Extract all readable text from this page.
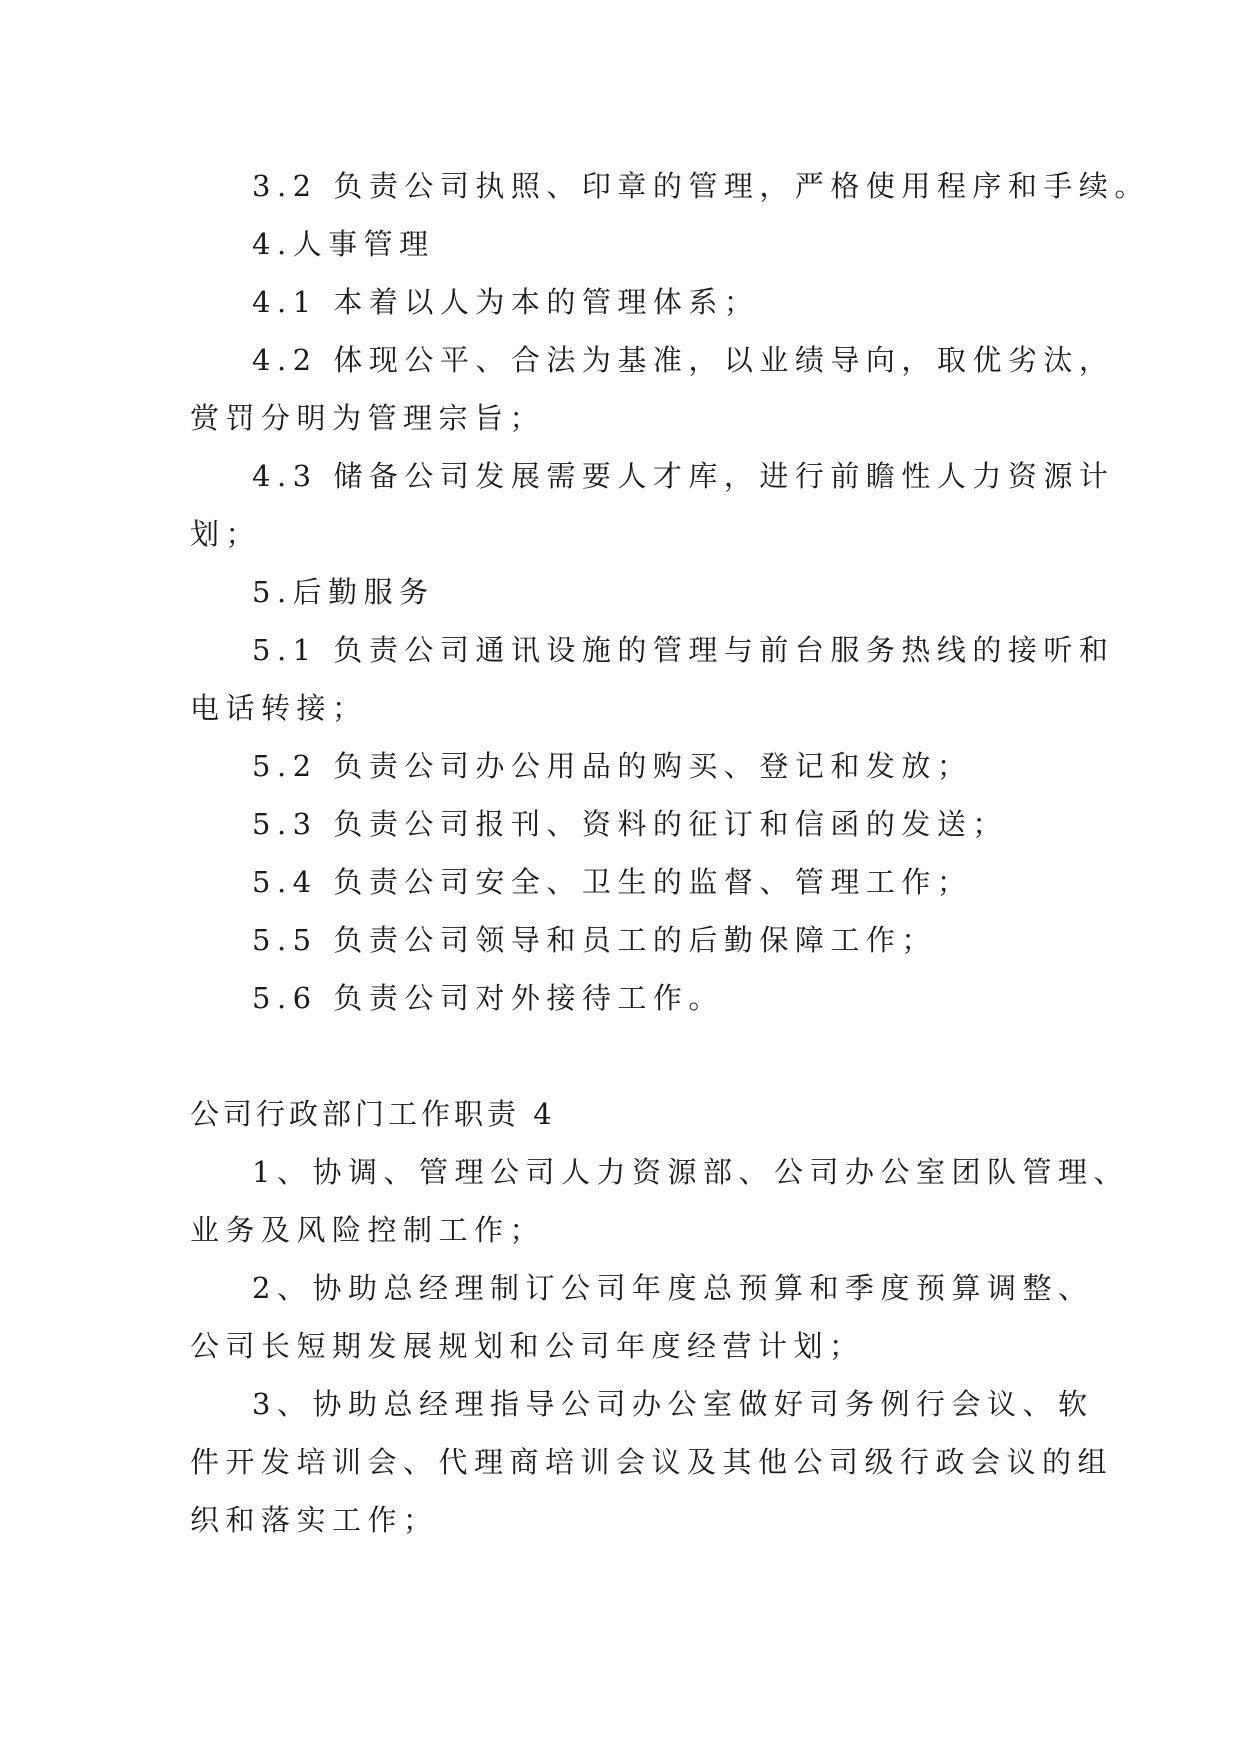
3.2 负责公司执照、印章的管理，严格使用程序和手续。
4.人事管理
4.1 本着以人为本的管理体系；
4.2 体现公平、合法为基准，以业绩导向，取优劣汰，
赏罚分明为管理宗旨；
4.3 储备公司发展需要人才库，进行前瞻性人力资源计
划；
5.后勤服务
5.1 负责公司通讯设施的管理与前台服务热线的接听和
电话转接；
5.2 负责公司办公用品的购买、登记和发放；
5.3 负责公司报刊、资料的征订和信函的发送；
5.4 负责公司安全、卫生的监督、管理工作；
5.5 负责公司领导和员工的后勤保障工作；
5.6 负责公司对外接待工作。
公司行政部门工作职责 4
1、协调、管理公司人力资源部、公司办公室团队管理、
业务及风险控制工作；
2、协助总经理制订公司年度总预算和季度预算调整、
公司长短期发展规划和公司年度经营计划；
3、协助总经理指导公司办公室做好司务例行会议、软
件开发培训会、代理商培训会议及其他公司级行政会议的组
织和落实工作；
